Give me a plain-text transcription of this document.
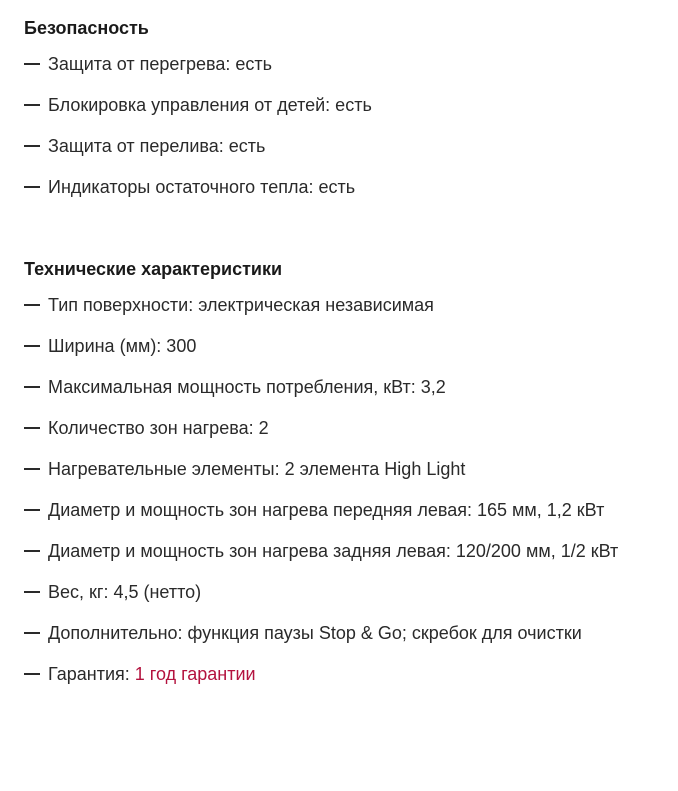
Безопасность
Защита от перегрева: есть
Блокировка управления от детей: есть
Защита от перелива: есть
Индикаторы остаточного тепла: есть
Технические характеристики
Тип поверхности: электрическая независимая
Ширина (мм): 300
Максимальная мощность потребления, кВт: 3,2
Количество зон нагрева: 2
Нагревательные элементы: 2 элемента High Light
Диаметр и мощность зон нагрева передняя левая: 165 мм, 1,2 кВт
Диаметр и мощность зон нагрева задняя левая: 120/200 мм, 1/2 кВт
Вес, кг: 4,5 (нетто)
Дополнительно: функция паузы Stop & Go; скребок для очистки
Гарантия: 1 год гарантии
